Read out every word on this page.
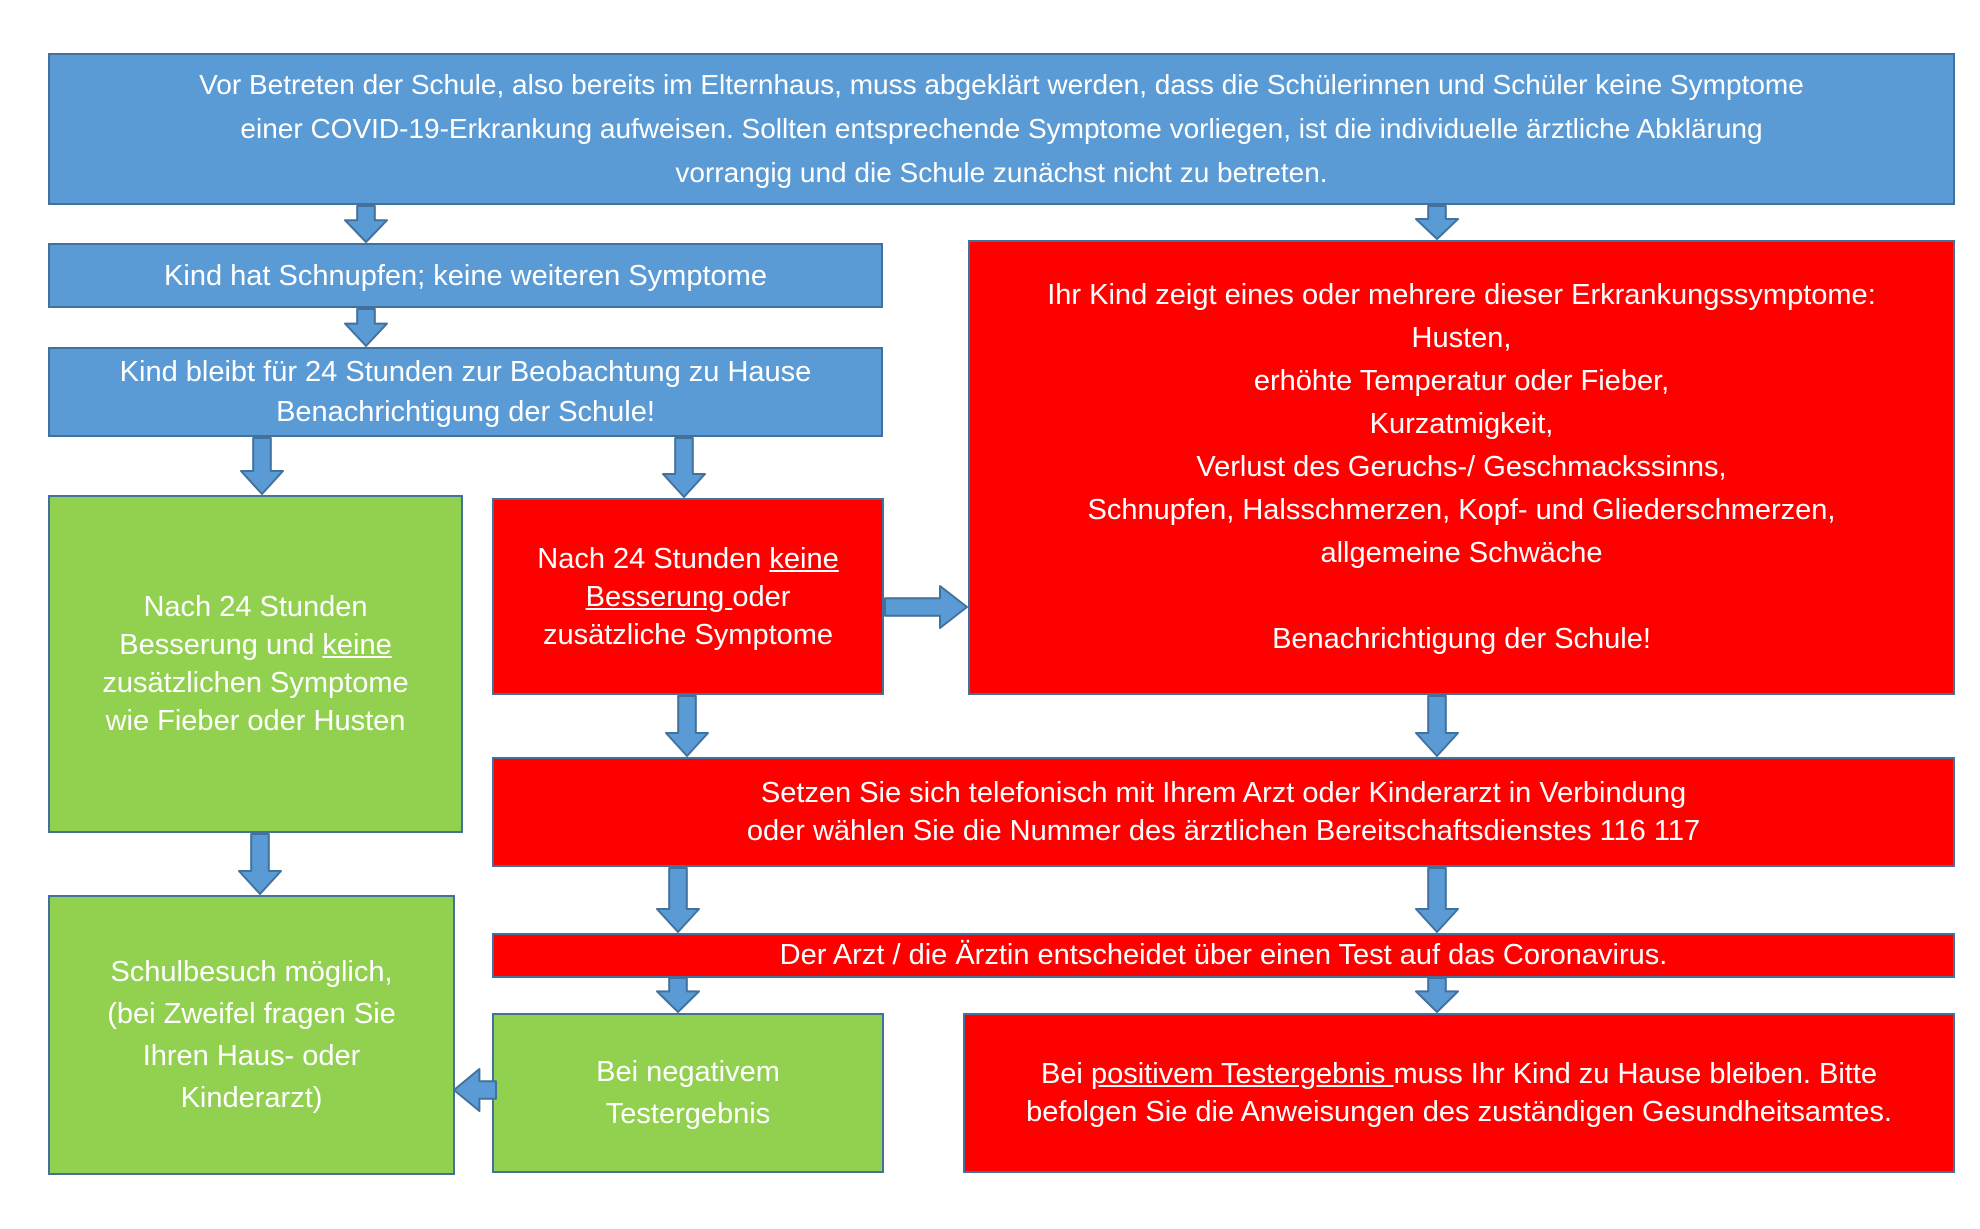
Vor Betreten der Schule, also bereits im Elternhaus, muss abgeklärt werden, dass die Schülerinnen und Schüler keine Symptome
einer COVID-19-Erkrankung aufweisen. Sollten entsprechende Symptome vorliegen, ist die individuelle ärztliche Abklärung
vorrangig und die Schule zunächst nicht zu betreten.
Kind hat Schnupfen; keine weiteren Symptome
Kind bleibt für 24 Stunden zur Beobachtung zu Hause
Benachrichtigung der Schule!
Nach 24 Stunden
Besserung und keine
zusätzlichen Symptome
wie Fieber oder Husten
Nach 24 Stunden keine
Besserung oder
zusätzliche Symptome
Ihr Kind zeigt eines oder mehrere dieser Erkrankungssymptome:
Husten,
erhöhte Temperatur oder Fieber,
Kurzatmigkeit,
Verlust des Geruchs-/ Geschmackssinns,
Schnupfen, Halsschmerzen, Kopf- und Gliederschmerzen,
allgemeine Schwäche
Benachrichtigung der Schule!
Setzen Sie sich telefonisch mit Ihrem Arzt oder Kinderarzt in Verbindung
oder wählen Sie die Nummer des ärztlichen Bereitschaftsdienstes 116 117
Der Arzt / die Ärztin entscheidet über einen Test auf das Coronavirus.
Schulbesuch möglich,
(bei Zweifel fragen Sie
Ihren Haus- oder
Kinderarzt)
Bei negativem
Testergebnis
Bei positivem Testergebnis muss Ihr Kind zu Hause bleiben. Bitte
befolgen Sie die Anweisungen des zuständigen Gesundheitsamtes.
